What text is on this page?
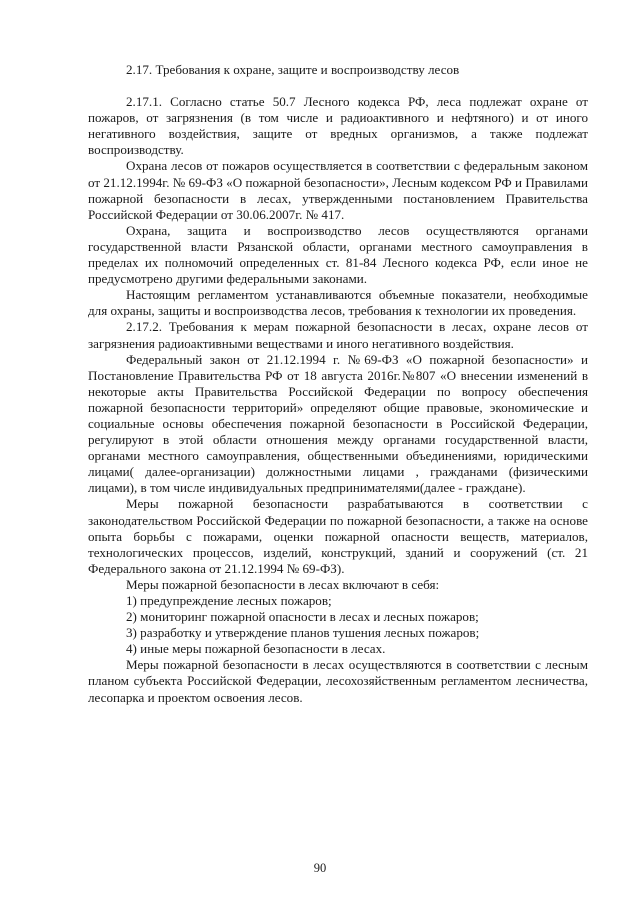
2.17. Требования к охране, защите и воспроизводству лесов

2.17.1. Согласно статье 50.7 Лесного кодекса РФ, леса подлежат охране от пожаров, от загрязнения (в том числе и радиоактивного и нефтяного) и от иного негативного воздействия, защите от вредных организмов, а также подлежат воспроизводству.

Охрана лесов от пожаров осуществляется в соответствии с федеральным законом от 21.12.1994г. № 69-ФЗ «О пожарной безопасности», Лесным кодексом РФ и Правилами пожарной безопасности в лесах, утвержденными постановлением Правительства Российской Федерации от 30.06.2007г. № 417.

Охрана, защита и воспроизводство лесов осуществляются органами государственной власти Рязанской области, органами местного самоуправления в пределах их полномочий определенных ст. 81-84 Лесного кодекса РФ, если иное не предусмотрено другими федеральными законами.

Настоящим регламентом устанавливаются объемные показатели, необходимые для охраны, защиты и воспроизводства лесов, требования к технологии их проведения.

2.17.2. Требования к мерам пожарной безопасности в лесах, охране лесов от загрязнения радиоактивными веществами и иного негативного воздействия.

Федеральный закон от 21.12.1994 г. №69-ФЗ «О пожарной безопасности» и Постановление Правительства РФ от 18 августа 2016г.№807 «О внесении изменений в некоторые акты Правительства Российской Федерации по вопросу обеспечения пожарной безопасности территорий» определяют общие правовые, экономические и социальные основы обеспечения пожарной безопасности в Российской Федерации, регулируют в этой области отношения между органами государственной власти, органами местного самоуправления, общественными объединениями, юридическими лицами( далее-организации) должностными лицами , гражданами (физическими лицами), в том числе индивидуальных предпринимателями(далее - граждане).

Меры пожарной безопасности разрабатываются в соответствии с законодательством Российской Федерации по пожарной безопасности, а также на основе опыта борьбы с пожарами, оценки пожарной опасности веществ, материалов, технологических процессов, изделий, конструкций, зданий и сооружений (ст. 21 Федерального закона от 21.12.1994 № 69-ФЗ).

Меры пожарной безопасности в лесах включают в себя:

1) предупреждение лесных пожаров;

2) мониторинг пожарной опасности в лесах и лесных пожаров;

3) разработку и утверждение планов тушения лесных пожаров;

4) иные меры пожарной безопасности в лесах.

Меры пожарной безопасности в лесах осуществляются в соответствии с лесным планом субъекта Российской Федерации, лесохозяйственным регламентом лесничества, лесопарка и проектом освоения лесов.

90
